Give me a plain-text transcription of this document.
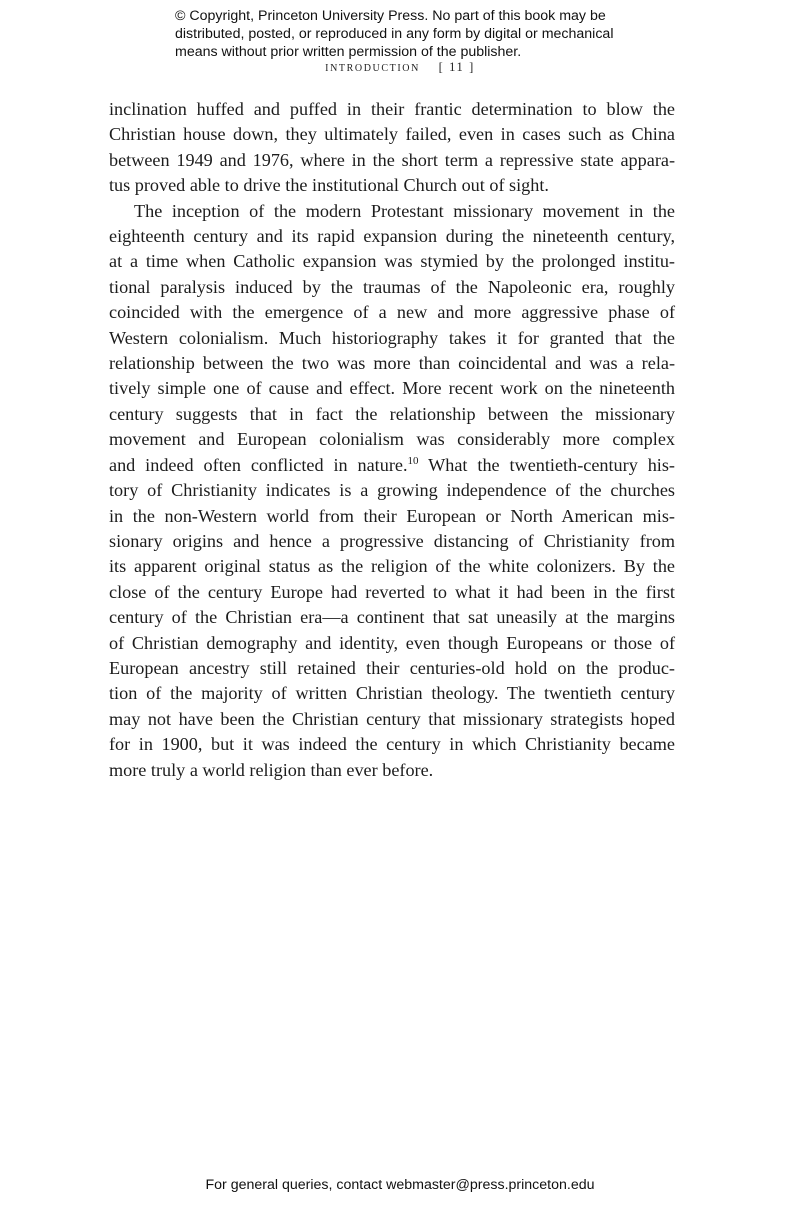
© Copyright, Princeton University Press. No part of this book may be
distributed, posted, or reproduced in any form by digital or mechanical
means without prior written permission of the publisher.
introduction [ 11 ]

inclination huffed and puffed in their frantic determination to blow the
Christian house down, they ultimately failed, even in cases such as China
between 1949 and 1976, where in the short term a repressive state appara-
tus proved able to drive the institutional Church out of sight.

The inception of the modern Protestant missionary movement in the
eighteenth century and its rapid expansion during the nineteenth century,
at a time when Catholic expansion was stymied by the prolonged institu-
tional paralysis induced by the traumas of the Napoleonic era, roughly
coincided with the emergence of a new and more aggressive phase of
Western colonialism. Much historiography takes it for granted that the
relationship between the two was more than coincidental and was a rela-
tively simple one of cause and effect. More recent work on the nineteenth
century suggests that in fact the relationship between the missionary
movement and European colonialism was considerably more complex
and indeed often conflicted in nature.$^{10}$ What the twentieth-century his-
tory of Christianity indicates is a growing independence of the churches
in the non-Western world from their European or North American mis-
sionary origins and hence a progressive distancing of Christianity from
its apparent original status as the religion of the white colonizers. By the
close of the century Europe had reverted to what it had been in the first
century of the Christian era—a continent that sat uneasily at the margins
of Christian demography and identity, even though Europeans or those of
European ancestry still retained their centuries-old hold on the produc-
tion of the majority of written Christian theology. The twentieth century
may not have been the Christian century that missionary strategists hoped
for in 1900, but it was indeed the century in which Christianity became
more truly a world religion than ever before.

For general queries, contact webmaster@press.princeton.edu
